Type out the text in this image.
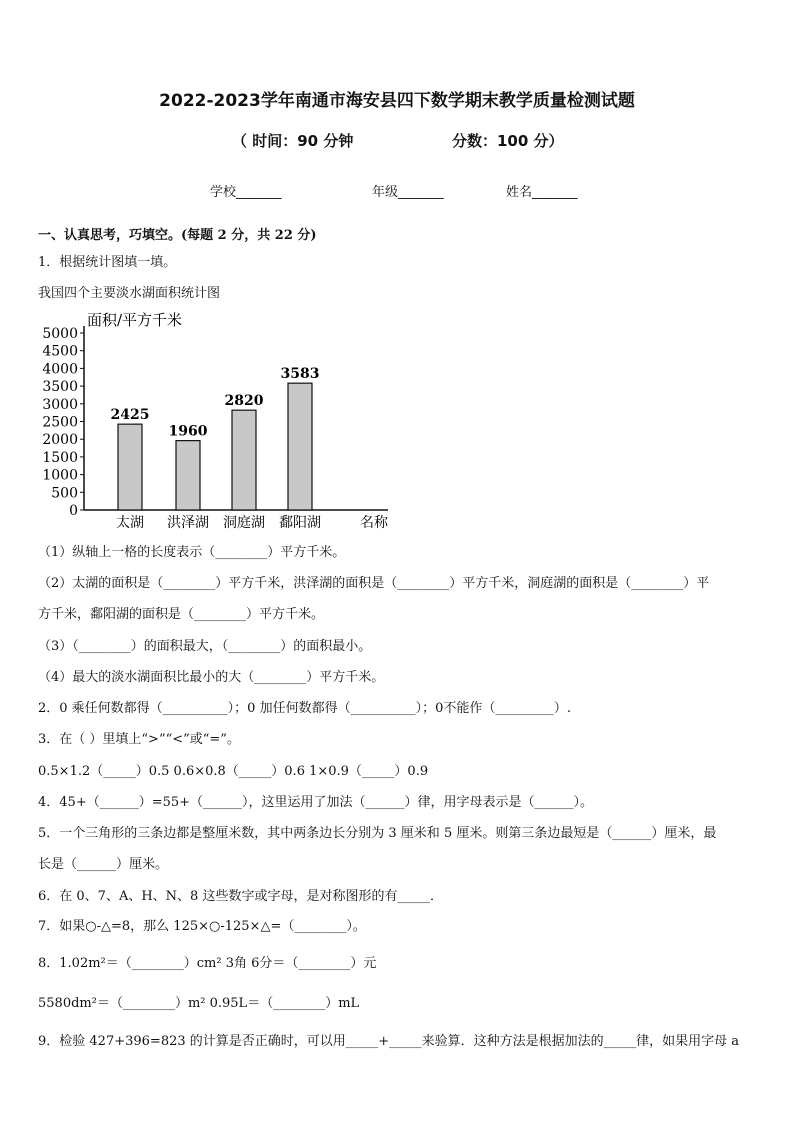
2022-2023学年南通市海安县四下数学期末教学质量检测试题
（ 时间：90 分钟	分数：100 分）
学校_______	年级_______	姓名_______
一、认真思考，巧填空。(每题 2 分，共 22 分)
1．根据统计图填一填。
我国四个主要淡水湖面积统计图
0
500
1000
1500
2000
2500
3000
3500
4000
4500
5000
面积/平方千米
2425
太湖
1960
洪泽湖
2820
洞庭湖
3583
鄱阳湖	名称
（1）纵轴上一格的长度表示（________）平方千米。
（2）太湖的面积是（________）平方千米，洪泽湖的面积是（________）平方千米，洞庭湖的面积是（________）平
方千米，鄱阳湖的面积是（________）平方千米。
（3）（________）的面积最大，（________）的面积最小。
（4）最大的淡水湖面积比最小的大（________）平方千米。
2．0 乘任何数都得（__________）；0 加任何数都得（__________）；0不能作（_________）.
3．在（ ）里填上“>”“<”或“=”。
0.5×1.2（_____）0.5 0.6×0.8（_____）0.6 1×0.9（_____）0.9
4．45+（______）=55+（______），这里运用了加法（______）律，用字母表示是（______）。
5．一个三角形的三条边都是整厘米数，其中两条边长分别为 3 厘米和 5 厘米。则第三条边最短是（______）厘米，最
长是（______）厘米。
6．在 0、7、A、H、N、8 这些数字或字母，是对称图形的有_____．
7．如果○-△=8，那么 125×○-125×△=（________）。
8．1.02m²＝（________）cm² 3角 6分＝（________）元
5580dm²＝（________）m² 0.95L＝（________）mL
9．检验 427+396=823 的计算是否正确时，可以用_____+_____来验算．这种方法是根据加法的_____律，如果用字母 a
